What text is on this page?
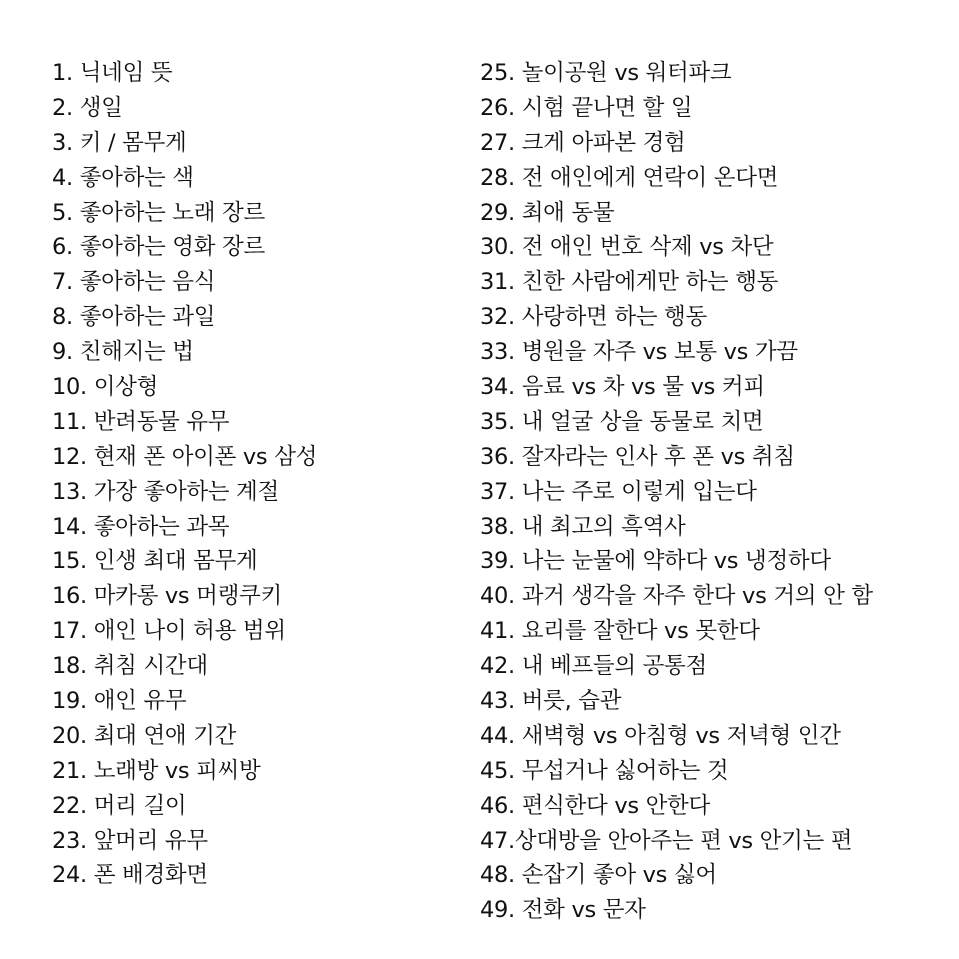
1. 닉네임 뜻
2. 생일
3. 키 / 몸무게
4. 좋아하는 색
5. 좋아하는 노래 장르
6. 좋아하는 영화 장르
7. 좋아하는 음식
8. 좋아하는 과일
9. 친해지는 법
10. 이상형
11. 반려동물 유무
12. 현재 폰 아이폰 vs 삼성
13. 가장 좋아하는 계절
14. 좋아하는 과목
15. 인생 최대 몸무게
16. 마카롱 vs 머랭쿠키
17. 애인 나이 허용 범위
18. 취침 시간대
19. 애인 유무
20. 최대 연애 기간
21. 노래방 vs 피씨방
22. 머리 길이
23. 앞머리 유무
24. 폰 배경화면
25. 놀이공원 vs 워터파크
26. 시험 끝나면 할 일
27. 크게 아파본 경험
28. 전 애인에게 연락이 온다면
29. 최애 동물
30. 전 애인 번호 삭제 vs 차단
31. 친한 사람에게만 하는 행동
32. 사랑하면 하는 행동
33. 병원을 자주 vs 보통 vs 가끔
34. 음료 vs 차 vs 물 vs 커피
35. 내 얼굴 상을 동물로 치면
36. 잘자라는 인사 후 폰 vs 취침
37. 나는 주로 이렇게 입는다
38. 내 최고의 흑역사
39. 나는 눈물에 약하다 vs 냉정하다
40. 과거 생각을 자주 한다 vs 거의 안 함
41. 요리를 잘한다 vs 못한다
42. 내 베프들의 공통점
43. 버릇, 습관
44. 새벽형 vs 아침형 vs 저녁형 인간
45. 무섭거나 싫어하는 것
46. 편식한다 vs 안한다
47.상대방을 안아주는 편 vs 안기는 편
48. 손잡기 좋아 vs 싫어
49. 전화 vs 문자
